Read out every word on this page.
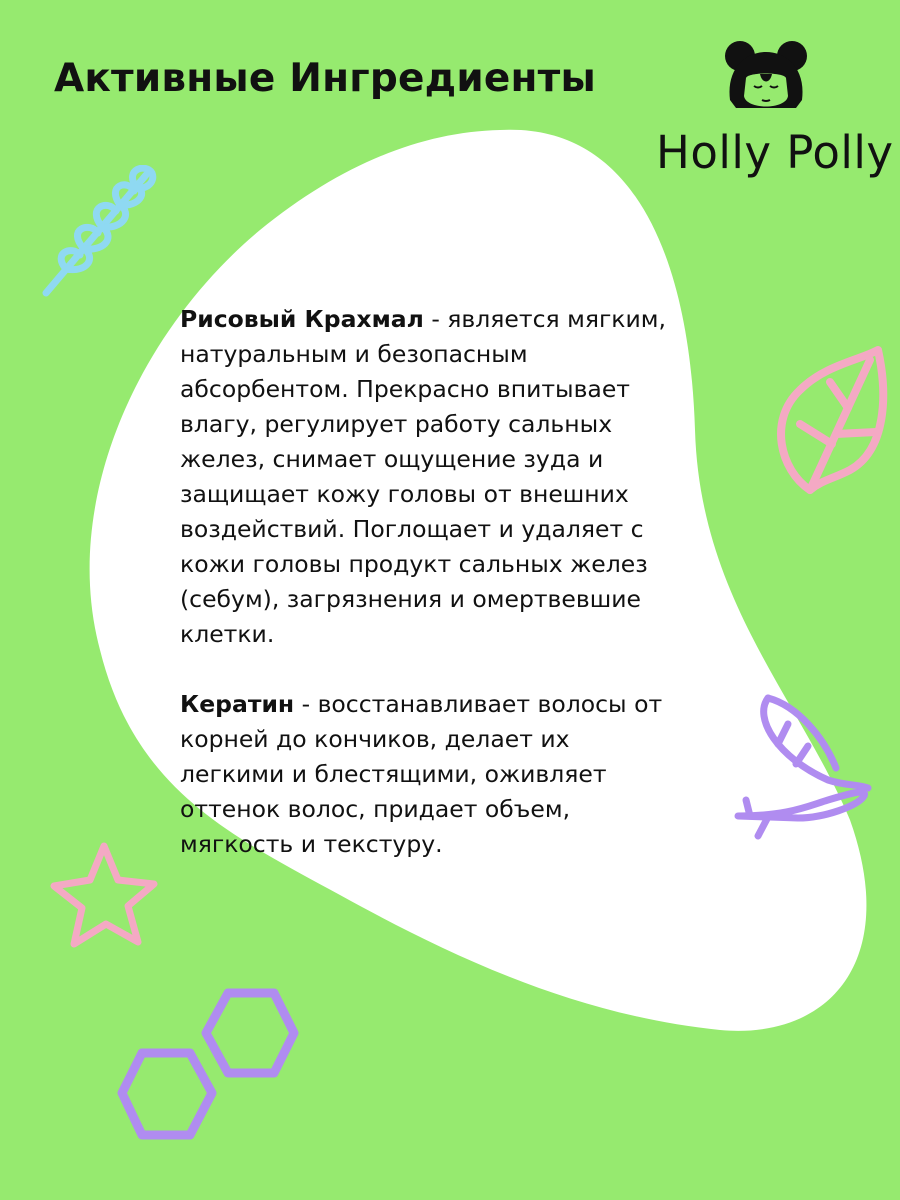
Активные Ингредиенты
Holly Polly

Рисовый Крахмал - является мягким, натуральным и безопасным абсорбентом. Прекрасно впитывает влагу, регулирует работу сальных желез, снимает ощущение зуда и защищает кожу головы от внешних воздействий. Поглощает и удаляет с кожи головы продукт сальных желез (себум), загрязнения и омертвевшие клетки.

Кератин - восстанавливает волосы от корней до кончиков, делает их легкими и блестящими, оживляет оттенок волос, придает объем, мягкость и текстуру.
